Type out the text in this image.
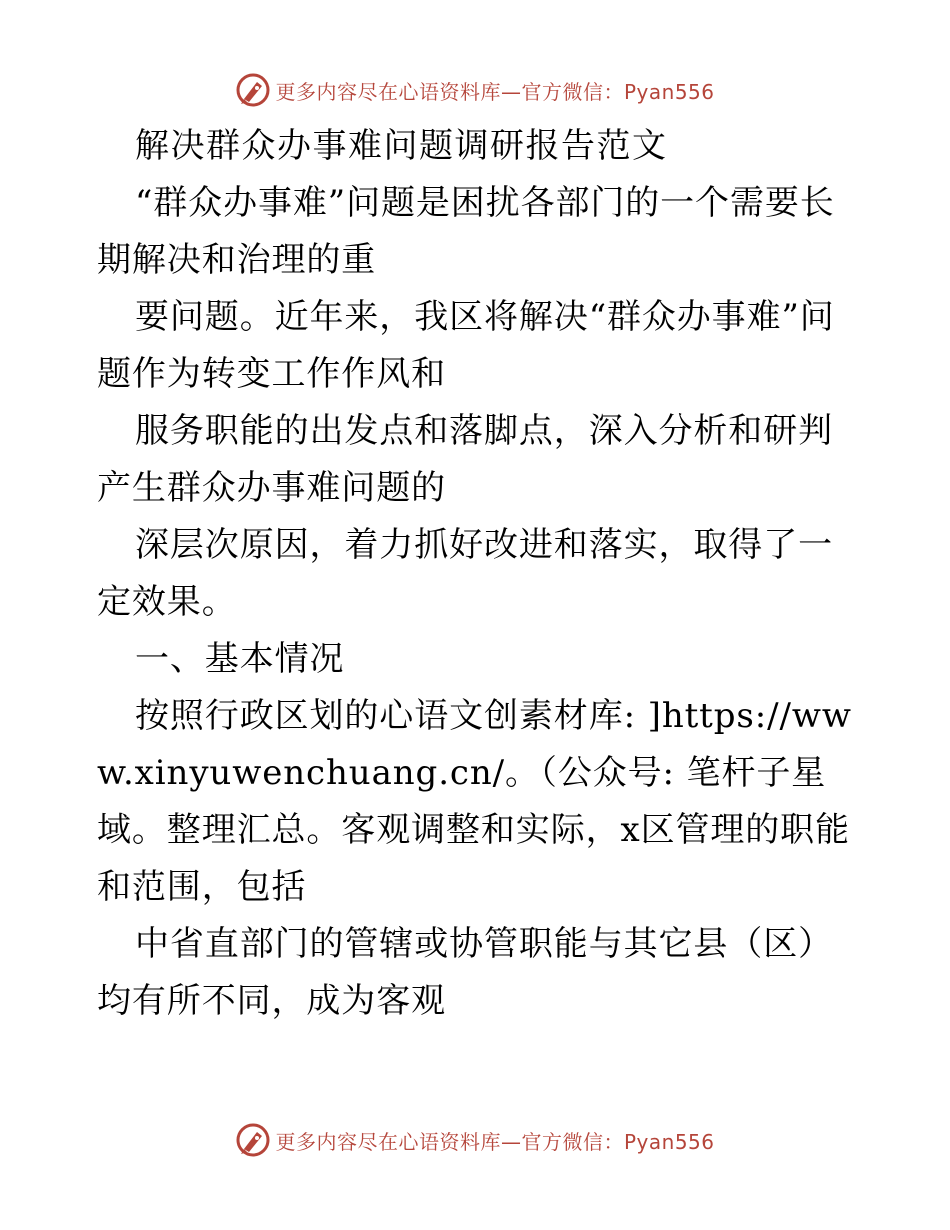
更多内容尽在心语资料库—官方微信：Pyan556

解决群众办事难问题调研报告范文

“群众办事难”问题是困扰各部门的一个需要长期解决和治理的重

要问题。近年来，我区将解决“群众办事难”问题作为转变工作作风和

服务职能的出发点和落脚点，深入分析和研判产生群众办事难问题的

深层次原因，着力抓好改进和落实，取得了一定效果。

一、基本情况

按照行政区划的心语文创素材库: ]https://www.xinyuwenchuang.cn/。（公众号: 笔杆子星域。整理汇总。客观调整和实际，x区管理的职能和范围，包括

中省直部门的管辖或协管职能与其它县（区）均有所不同，成为客观

更多内容尽在心语资料库—官方微信：Pyan556
